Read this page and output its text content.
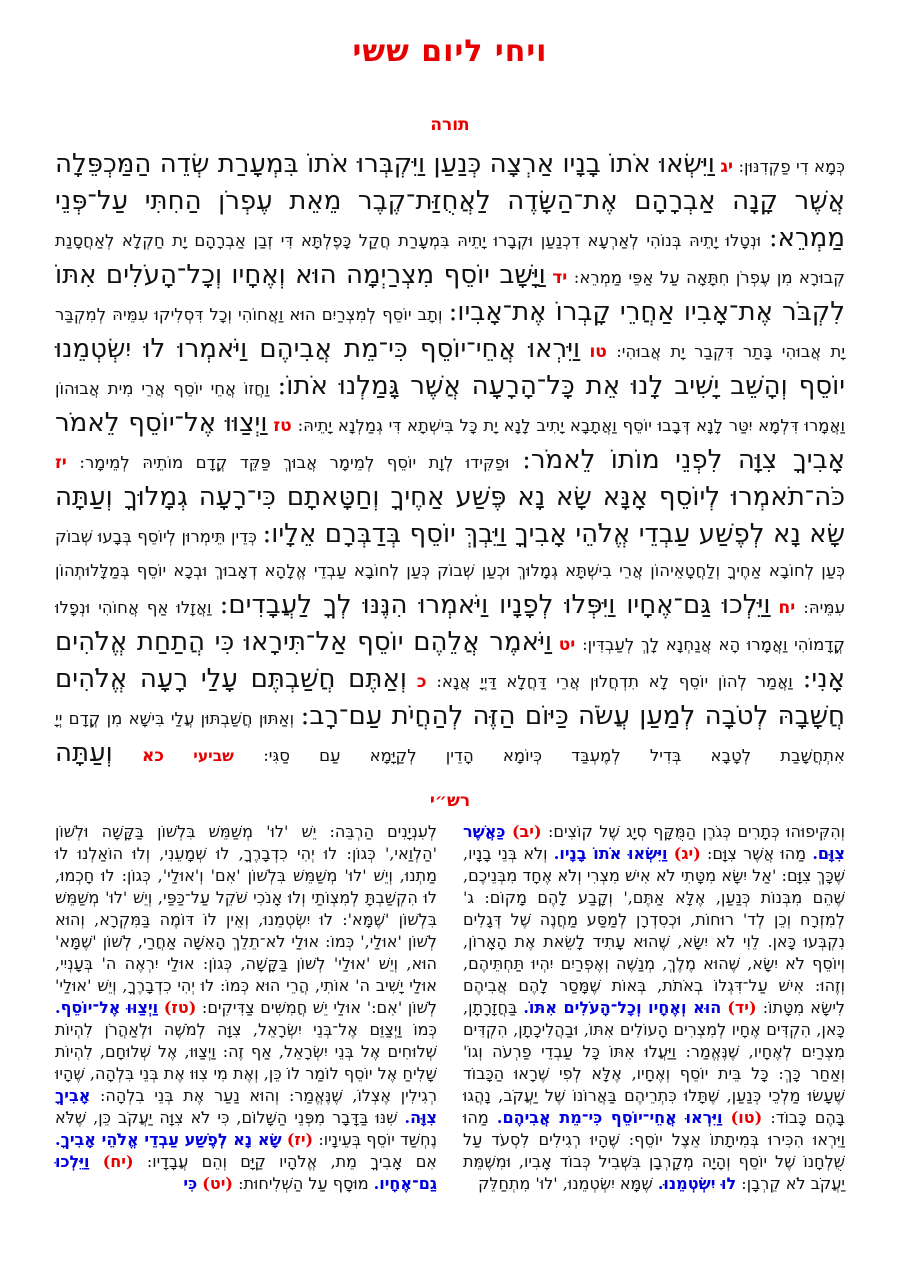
ויחי ליום ששי
תורה
כְּמָא דִי פַקְדִנּוּן: יג וַיִּשְׂאוּ אֹתוֹ בָנָיו אַרְצָה כְּנַעַן וַיִּקְבְּרוּ אֹתוֹ בִּמְעָרַת שְׂדֵה הַמַּכְפֵּלָה אֲשֶׁר קָנָה אַבְרָהָם אֶת־הַשָּׂדֶה לַאֲחֻזַּת־קֶבֶר מֵאֵת עֶפְרֹן הַחִתִּי עַל־פְּנֵי מַמְרֵא: וּנְטָלוּ יָתֵיהּ בְּנוֹהִי לְאַרְעָא דִכְנַעַן וּקְבָרוּ יָתֵיהּ בִּמְעָרַת חֲקַל כָּפֶלְתָּא דִּי זְבַן אַבְרָהָם יָת חַקְלָא לְאַחֲסָנַת קְבוּרָא מִן עֶפְרֹן חִתָּאָה עַל אַפֵּי מַמְרֵא: יד וַיָּשָׁב יוֹסֵף מִצְרַיְמָה הוּא וְאֶחָיו וְכָל־הָעֹלִים אִתּוֹ לִקְבֹּר אֶת־אָבִיו אַחֲרֵי קָבְרוֹ אֶת־אָבִיו: וְתָב יוֹסֵף לְמִצְרַיִם הוּא וַאֲחוֹהִי וְכָל דִּסְלִיקוּ עִמֵּיהּ לְמִקְבַּר יָת אֲבוּהִי בָּתַר דִּקְבַר יָת אֲבוּהִי: טו וַיִּרְאוּ אֲחֵי־יוֹסֵף כִּי־מֵת אֲבִיהֶם וַיֹּאמְרוּ לוּ יִשְׂטְמֵנוּ יוֹסֵף וְהָשֵׁב יָשִׁיב לָנוּ אֵת כָּל־הָרָעָה אֲשֶׁר גָּמַלְנוּ אֹתוֹ: וַחֲזוֹ אֲחֵי יוֹסֵף אֲרֵי מִית אֲבוּהוֹן וַאֲמָרוּ דִּלְמָא יִטַּר לָנָא דְּבָבוּ יוֹסֵף וַאֲתָבָא יָתִיב לָנָא יָת כָּל בִּישְׁתָא דִּי גְמַלְנָא יָתֵיהּ: טז וַיְצַוּוּ אֶל־יוֹסֵף לֵאמֹר אָבִיךָ צִוָּה לִפְנֵי מוֹתוֹ לֵאמֹר: וּפַקִּידוּ לְוָת יוֹסֵף לְמֵימָר אֲבוּךְ פַּקֵּד קֳדָם מוֹתֵיהּ לְמֵימָר: יז כֹּה־תֹאמְרוּ לְיוֹסֵף אָנָּא שָׂא נָא פֶּשַׁע אַחֶיךָ וְחַטָּאתָם כִּי־רָעָה גְמָלוּךָ וְעַתָּה שָׂא נָא לְפֶשַׁע עַבְדֵי אֱלֹהֵי אָבִיךָ וַיֵּבְךְּ יוֹסֵף בְּדַבְּרָם אֵלָיו: כְּדֵין תֵּימְרוּן לְיוֹסֵף בְּבָעוּ שְׁבוֹק כְּעַן לְחוֹבָא אַחֶיךָ וְלַחֲטָאֵיהוֹן אֲרֵי בִישְׁתָּא גְמָלוּךְ וּכְעַן שְׁבוֹק כְּעַן לְחוֹבָא עַבְדֵי אֱלָהָא דְאָבוּךְ וּבְכָא יוֹסֵף בְּמַלָּלוּתְהוֹן עִמֵּיהּ: יח וַיֵּלְכוּ גַּם־אֶחָיו וַיִּפְּלוּ לְפָנָיו וַיֹּאמְרוּ הִנֶּנּוּ לְךָ לַעֲבָדִים: וַאֲזָלוּ אַף אֲחוֹהִי וּנְפָלוּ קֳדָמוֹהִי וַאֲמָרוּ הָא אֲנַחְנָא לָךְ לְעַבְדִּין: יט וַיֹּאמֶר אֲלֵהֶם יוֹסֵף אַל־תִּירָאוּ כִּי הֲתַחַת אֱלֹהִים אָנִי: וַאֲמַר לְהוֹן יוֹסֵף לָא תִדְחֲלוּן אֲרֵי דַּחֲלָא דַּיְיָ אֲנָא: כ וְאַתֶּם חֲשַׁבְתֶּם עָלַי רָעָה אֱלֹהִים חֲשָׁבָהּ לְטֹבָה לְמַעַן עֲשֹׂה כַּיּוֹם הַזֶּה לְהַחֲיֹת עַם־רָב: וְאַתּוּן חֲשַׁבְתּוּן עֲלַי בִּישָׁא מִן קֳדָם יְיָ אִתְחֲשָׁבַת לְטָבָא בְּדִיל לְמֶעְבַּד כְּיוֹמָא הָדֵין לְקַיָּמָא עַם סַגִּי: שביעי כא וְעַתָּה
רש״י
וְהִקִּיפוּהוּ כְּתָרִים כְּגֹרֶן הַמֻּקָּף סְיָג שֶׁל קוֹצִים: (יב) כַּאֲשֶׁר צִוָּם. מַהוּ אֲשֶׁר צִוָּם: (יג) וַיִּשְׂאוּ אֹתוֹ בָנָיו. וְלֹא בְּנֵי בָנָיו, שֶׁכָּךְ צִוָּם: 'אַל יִשָּׂא מִטָּתִי לֹא אִישׁ מִצְרִי וְלֹא אֶחָד מִבְּנֵיכֶם, שֶׁהֵם מִבְּנוֹת כְּנַעַן, אֶלָּא אַתֶּם,' וְקָבַע לָהֶם מָקוֹם: ג' לְמִזְרָח וְכֵן לְד' רוּחוֹת, וּכְסִדְרָן לְמַסַּע מַחֲנֶה שֶׁל דְּגָלִים נִקְבְּעוּ כָּאן. לֵוִי לֹא יִשָּׂא, שֶׁהוּא עָתִיד לָשֵׂאת אֶת הָאָרוֹן, וְיוֹסֵף לֹא יִשָּׂא, שֶׁהוּא מֶלֶךְ, מְנַשֶּׁה וְאֶפְרַיִם יִהְיוּ תַּחְתֵּיהֶם, וְזֶהוּ: אִישׁ עַל־דִּגְלוֹ בְאֹתֹת, בְּאוֹת שֶׁמָּסַר לָהֶם אֲבִיהֶם לִישָּׂא מִטָּתוֹ: (יד) הוּא וְאֶחָיו וְכָל־הָעֹלִים אִתּוֹ. בַּחֲזָרָתָן, כָּאן, הִקְדִּים אֶחָיו לְמִצְרִים הָעוֹלִים אִתּוֹ, וּבַהֲלִיכָתָן, הִקְדִּים מִצְרַיִם לְאֶחָיו, שֶׁנֶּאֱמַר: וַיַּעֲלוּ אִתּוֹ כָּל עַבְדֵי פַרְעֹה וְגוֹ' וְאַחַר כָּךְ: כָּל בֵּית יוֹסֵף וְאֶחָיו, אֶלָּא לְפִי שֶׁרָאוּ הַכָּבוֹד שֶׁעָשׂוּ מַלְכֵי כְּנַעַן, שֶׁתָּלוּ כִּתְרֵיהֶם בַּאֲרוֹנוֹ שֶׁל יַעֲקֹב, נָהֲגוּ בָּהֶם כָּבוֹד: (טו) וַיִּרְאוּ אֲחֵי־יוֹסֵף כִּי־מֵת אֲבִיהֶם. מַהוּ וַיִּרְאוּ הִכִּירוּ בְּמִיתָתוֹ אֵצֶל יוֹסֵף: שֶׁהָיוּ רְגִילִים לִסְעֹד עַל שֻׁלְחָנוֹ שֶׁל יוֹסֵף וְהָיָה מְקָרְבָן בִּשְׁבִיל כְּבוֹד אָבִיו, וּמִשֶּׁמֵּת יַעֲקֹב לֹא קֵרְבָן: לוּ יִשְׂטְמֵנוּ. שֶׁמָּא יִשְׂטְמֵנוּ, 'לוּ' מִתְחַלֵּק
לְעִנְיָנִים הַרְבֵּה: יֵשׁ 'לוּ' מְשַׁמֵּשׁ בִּלְשׁוֹן בַּקָּשָׁה וּלְשׁוֹן 'הַלְוַאי,' כְּגוֹן: לוּ יְהִי כִדְבָרֶךָ, לוּ שְׁמָעֵנִי, וְלוּ הוֹאַלְנוּ לוּ מַתְנוּ, וְיֵשׁ 'לוּ' מְשַׁמֵּשׁ בִּלְשׁוֹן 'אִם' וְ'אוּלַי', כְּגוֹן: לוּ חָכְמוּ, לוּ הִקְשַׁבְתָּ לְמִצְוֹתַי וְלוּ אָנֹכִי שֹׁקֵל עַל־כַּפַּי, וְיֵשׁ 'לוּ' מְשַׁמֵּשׁ בִּלְשׁוֹן 'שֶׁמָּא': לוּ יִשְׂטְמֵנוּ, וְאֵין לוֹ דּוֹמֶה בַּמִּקְרָא, וְהוּא לְשׁוֹן 'אוּלַי,' כְּמוֹ: אוּלַי לֹא־תֵלֵךְ הָאִשָּׁה אַחֲרַי, לְשׁוֹן 'שֶׁמָּא' הוּא, וְיֵשׁ 'אוּלַי' לְשׁוֹן בַּקָּשָׁה, כְּגוֹן: אוּלַי יִרְאֶה ה' בְּעָנְיִי, אוּלַי יָשִׁיב ה' אוֹתִי, הֲרֵי הוּא כְּמוֹ: לוּ יְהִי כִדְבָרֶךָ, וְיֵשׁ 'אוּלַי' לְשׁוֹן 'אִם:' אוּלַי יֵשׁ חֲמִשִּׁים צַדִּיקִים: (טז) וַיְצַוּוּ אֶל־יוֹסֵף. כְּמוֹ וַיְצַוֵּם אֶל־בְּנֵי יִשְׂרָאֵל, צִוָּה לְמֹשֶׁה וּלְאַהֲרֹן לִהְיוֹת שְׁלוּחִים אֶל בְּנֵי יִשְׂרָאֵל, אַף זֶה: וַיְצַוּוּ, אֶל שְׁלוּחָם, לִהְיוֹת שָׁלִיחַ אֶל יוֹסֵף לוֹמַר לוֹ כֵּן, וְאֶת מִי צִוּוּ אֶת בְּנֵי בִּלְהָה, שֶׁהָיוּ רְגִילִין אֶצְלוֹ, שֶׁנֶּאֱמַר: וְהוּא נַעַר אֶת בְּנֵי בִלְהָה: אָבִיךָ צִוָּה. שִׁנּוּ בַּדָּבָר מִפְּנֵי הַשָּׁלוֹם, כִּי לֹא צִוָּה יַעֲקֹב כֵּן, שֶׁלֹּא נֶחְשַׁד יוֹסֵף בְּעֵינָיו: (יז) שָׂא נָא לְפֶשַׁע עַבְדֵי אֱלֹהֵי אָבִיךָ. אִם אָבִיךָ מֵת, אֱלֹהָיו קַיָּם וְהֵם עֲבָדָיו: (יח) וַיֵּלְכוּ גַם־אֶחָיו. מוּסָף עַל הַשְּׁלִיחוּת: (יט) כִּי
